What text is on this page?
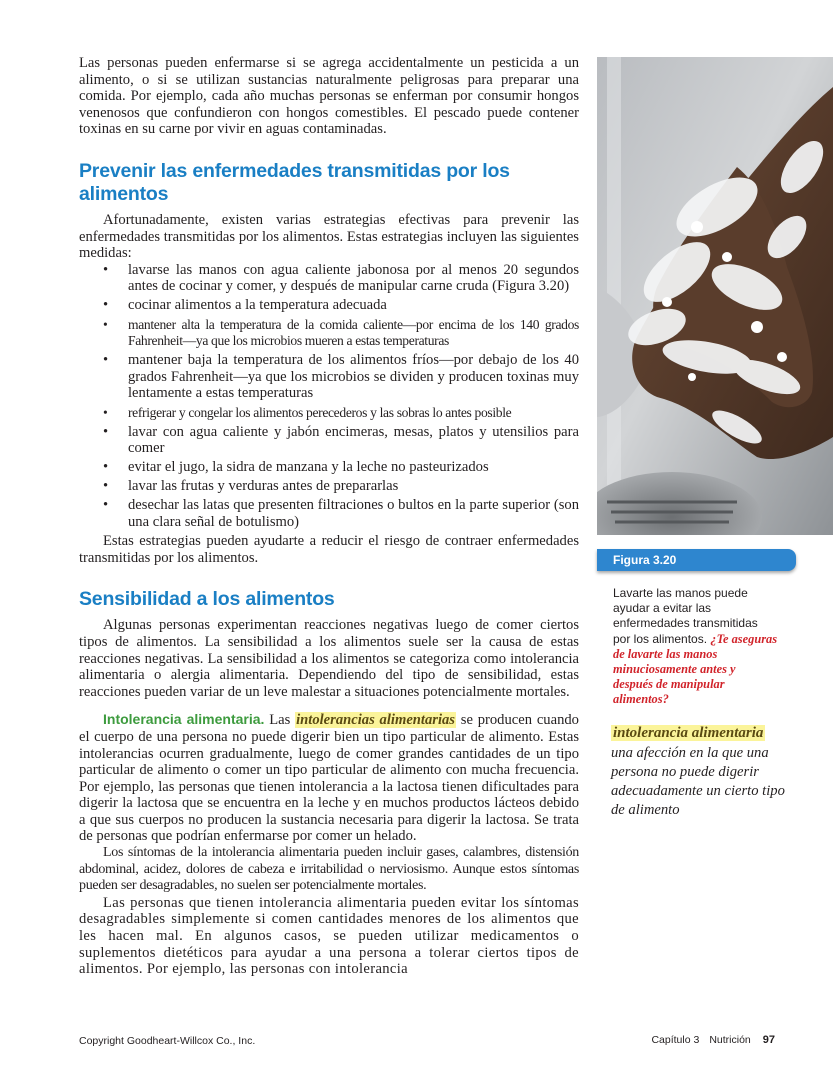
Las personas pueden enfermarse si se agrega accidentalmente un pesticida a un alimento, o si se utilizan sustancias naturalmente peligrosas para preparar una comida. Por ejemplo, cada año muchas personas se enferman por consumir hongos venenosos que confundieron con hongos comestibles. El pescado puede contener toxinas en su carne por vivir en aguas contaminadas.

Prevenir las enfermedades transmitidas por los alimentos

Afortunadamente, existen varias estrategias efectivas para prevenir las enfermedades transmitidas por los alimentos. Estas estrategias incluyen las siguientes medidas:

• lavarse las manos con agua caliente jabonosa por al menos 20 segundos antes de cocinar y comer, y después de manipular carne cruda (Figura 3.20)
• cocinar alimentos a la temperatura adecuada
• mantener alta la temperatura de la comida caliente—por encima de los 140 grados Fahrenheit—ya que los microbios mueren a estas temperaturas
• mantener baja la temperatura de los alimentos fríos—por debajo de los 40 grados Fahrenheit—ya que los microbios se dividen y producen toxinas muy lentamente a estas temperaturas
• refrigerar y congelar los alimentos perecederos y las sobras lo antes posible
• lavar con agua caliente y jabón encimeras, mesas, platos y utensilios para comer
• evitar el jugo, la sidra de manzana y la leche no pasteurizados
• lavar las frutas y verduras antes de prepararlas
• desechar las latas que presenten filtraciones o bultos en la parte superior (son una clara señal de botulismo)

Estas estrategias pueden ayudarte a reducir el riesgo de contraer enfermedades transmitidas por los alimentos.

Sensibilidad a los alimentos

Algunas personas experimentan reacciones negativas luego de comer ciertos tipos de alimentos. La sensibilidad a los alimentos suele ser la causa de estas reacciones negativas. La sensibilidad a los alimentos se categoriza como intolerancia alimentaria o alergia alimentaria. Dependiendo del tipo de sensibilidad, estas reacciones pueden variar de un leve malestar a situaciones potencialmente mortales.

Intolerancia alimentaria. Las intolerancias alimentarias se producen cuando el cuerpo de una persona no puede digerir bien un tipo particular de alimento. Estas intolerancias ocurren gradualmente, luego de comer grandes cantidades de un tipo particular de alimento o comer un tipo particular de alimento con mucha frecuencia. Por ejemplo, las personas que tienen intolerancia a la lactosa tienen dificultades para digerir la lactosa que se encuentra en la leche y en muchos productos lácteos debido a que sus cuerpos no producen la sustancia necesaria para digerir la lactosa. Se trata de personas que podrían enfermarse por comer un helado.

Los síntomas de la intolerancia alimentaria pueden incluir gases, calambres, distensión abdominal, acidez, dolores de cabeza e irritabilidad o nerviosismo. Aunque estos síntomas pueden ser desagradables, no suelen ser potencialmente mortales.

Las personas que tienen intolerancia alimentaria pueden evitar los síntomas desagradables simplemente si comen cantidades menores de los alimentos que les hacen mal. En algunos casos, se pueden utilizar medicamentos o suplementos dietéticos para ayudar a una persona a tolerar ciertos tipos de alimentos. Por ejemplo, las personas con intolerancia

Figura 3.20
Lavarte las manos puede ayudar a evitar las enfermedades transmitidas por los alimentos. ¿Te aseguras de lavarte las manos minuciosamente antes y después de manipular alimentos?
intolerancia alimentaria
una afección en la que una persona no puede digerir adecuadamente un cierto tipo de alimento
Copyright Goodheart-Willcox Co., Inc.	Capítulo 3 Nutrición 97
